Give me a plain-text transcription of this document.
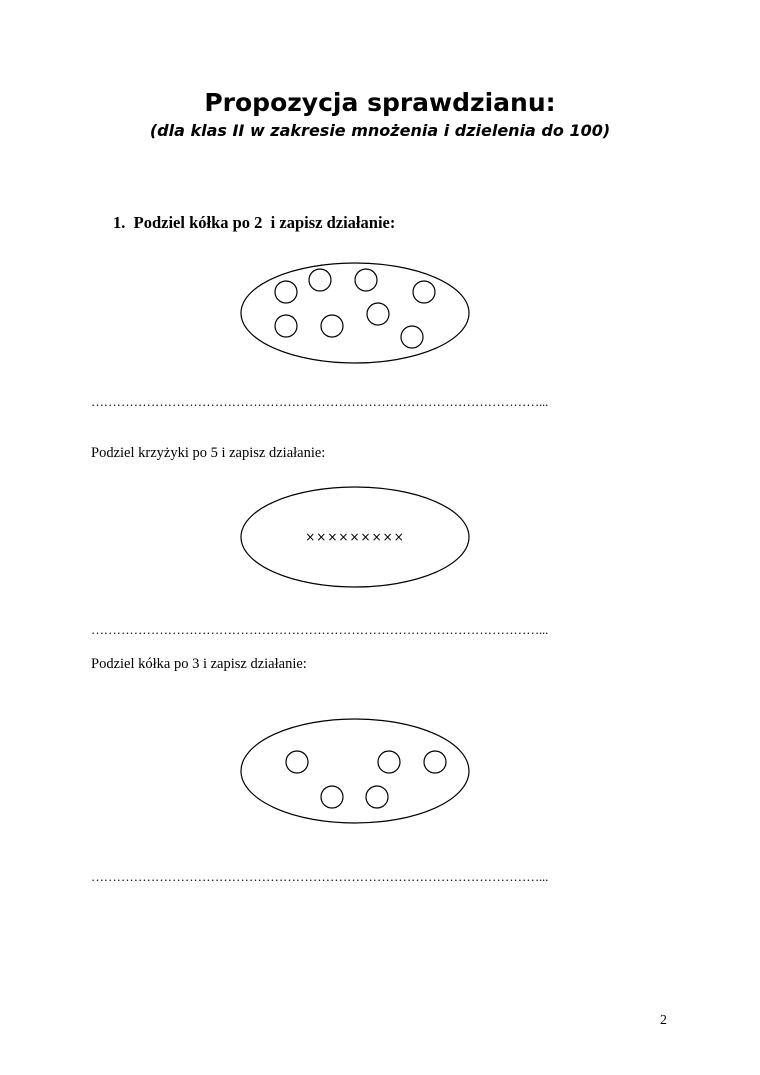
Propozycja sprawdzianu:
(dla klas II w zakresie mnożenia i dzielenia do 100)
1.  Podziel kółka po 2  i zapisz działanie:
……………………………………………………………………………………………...
Podziel krzyżyki po 5 i zapisz działanie:
×××××××××
……………………………………………………………………………………………...
Podziel kółka po 3 i zapisz działanie:
……………………………………………………………………………………………...
2
